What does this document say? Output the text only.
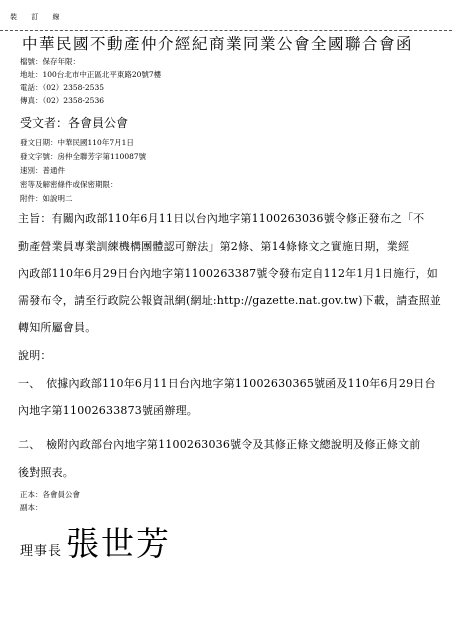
裝 訂 線
中華民國不動產仲介經紀商業同業公會全國聯合會函
檔號：保存年限：
地址：100台北市中正區北平東路20號7樓
電話：（02）2358-2535
傳真：（02）2358-2536
受文者：各會員公會
發文日期：中華民國110年7月1日
發文字號：房仲全聯芳字第110087號
速別：普通件
密等及解密條件或保密期限：
附件：如說明二
主旨：有關內政部110年6月11日以台內地字第1100263036號令修正發布之「不
動產營業員專業訓練機構團體認可辦法」第2條、第14條條文之實施日期，業經
內政部110年6月29日台內地字第1100263387號令發布定自112年1月1日施行，如
需發布令，請至行政院公報資訊網(網址:http://gazette.nat.gov.tw)下載，請查照並
轉知所屬會員。
說明：
一、　依據內政部110年6月11日台內地字第11002630365號函及110年6月29日台
內地字第11002633873號函辦理。
二、　檢附內政部台內地字第1100263036號令及其修正條文總說明及修正條文前
後對照表。
正本：各會員公會
副本：
理事長 張世芳
